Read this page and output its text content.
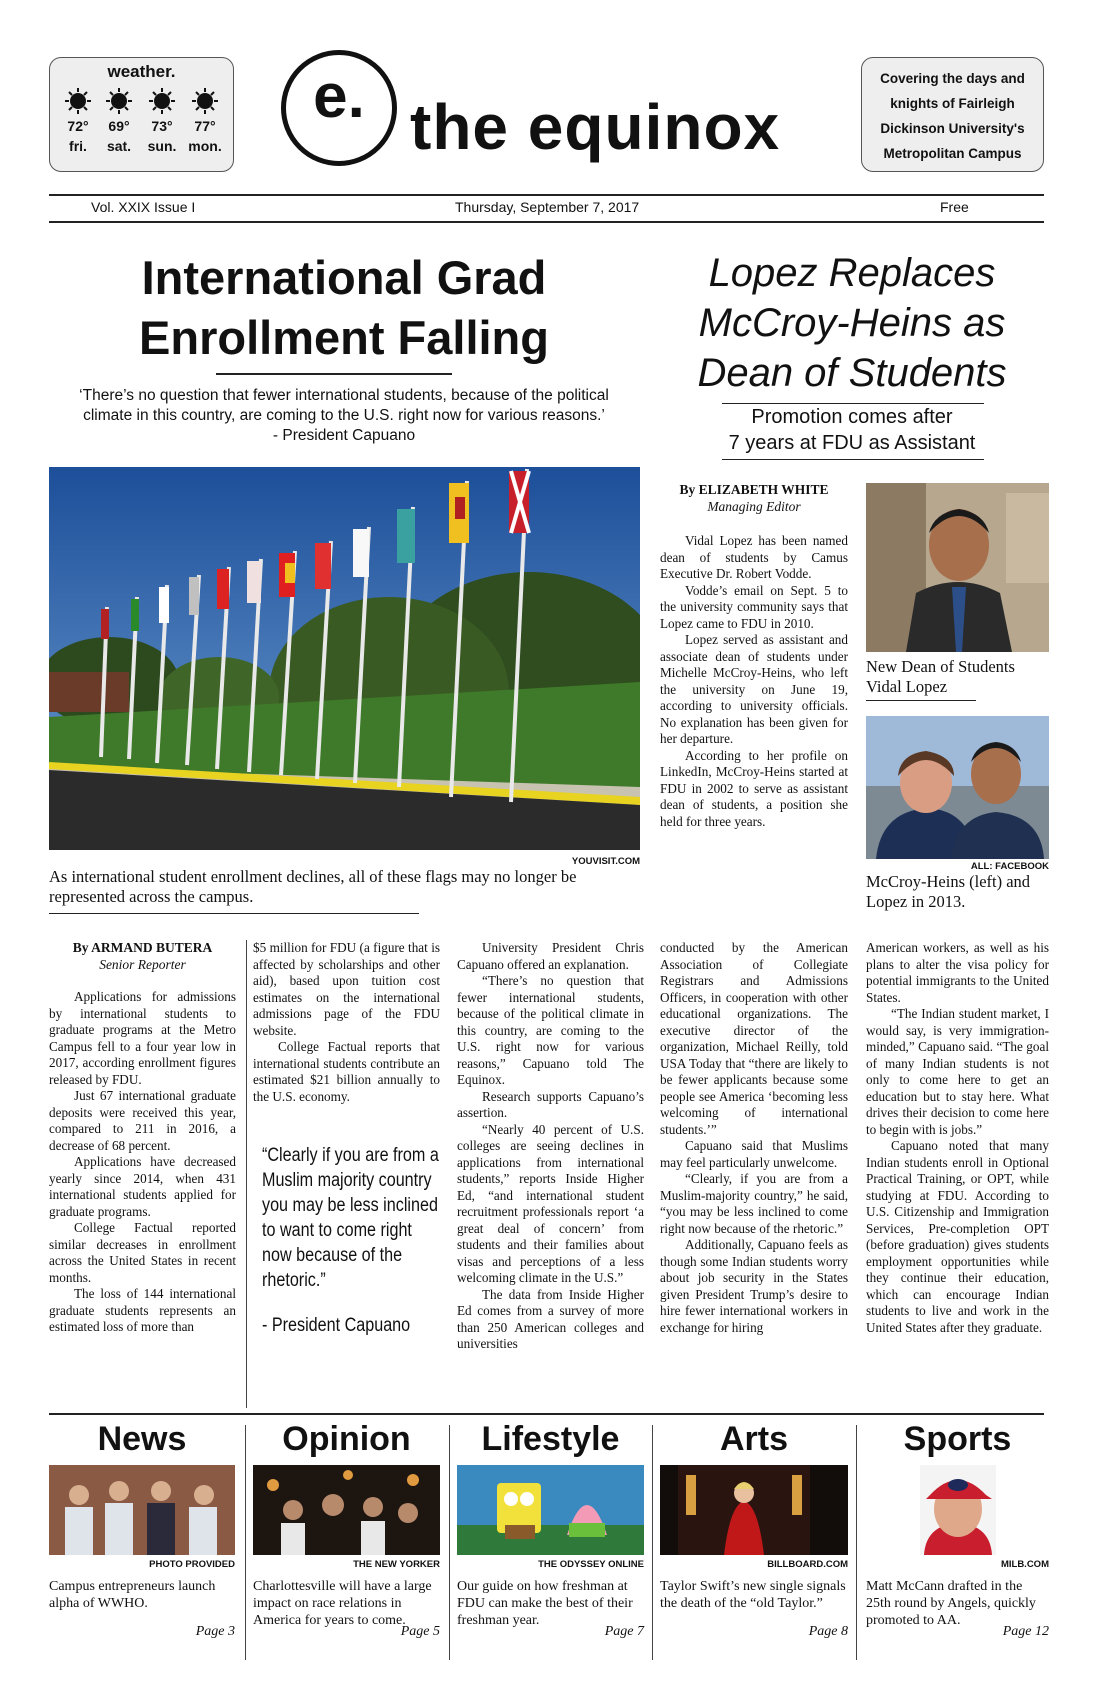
weather.
72°
fri.
69°
sat.
73°
sun.
77°
mon.
e. the equinox
Covering the days and
knights of Fairleigh
Dickinson University's
Metropolitan Campus
Vol. XXIX Issue I	Thursday, September 7, 2017	Free
International Grad
Enrollment Falling
‘There’s no question that fewer international students, because of the political
climate in this country, are coming to the U.S. right now for various reasons.’
- President Capuano
Lopez Replaces
McCroy-Heins as
Dean of Students
Promotion comes after
7 years at FDU as Assistant
YOUVISIT.COM
As international student enrollment declines, all of these flags may no longer be represented across the campus.
By ELIZABETH WHITE
Managing Editor

Vidal Lopez has been named dean of students by Camus Executive Dr. Robert Vodde.

Vodde’s email on Sept. 5 to the university community says that Lopez came to FDU in 2010.

Lopez served as assistant and associate dean of students under Michelle McCroy-Heins, who left the university on June 19, according to university officials. No explanation has been given for her departure.

According to her profile on LinkedIn, McCroy-Heins started at FDU in 2002 to serve as assistant dean of students, a position she held for three years.

New Dean of Students Vidal Lopez
ALL: FACEBOOK
McCroy-Heins (left) and Lopez in 2013.
By ARMAND BUTERA
Senior Reporter

Applications for admissions by international students to graduate programs at the Metro Campus fell to a four year low in 2017, according enrollment figures released by FDU.

Just 67 international graduate deposits were received this year, compared to 211 in 2016, a decrease of 68 percent.

Applications have decreased yearly since 2014, when 431 international students applied for graduate programs.

College Factual reported similar decreases in enrollment across the United States in recent months.

The loss of 144 international graduate students represents an estimated loss of more than

$5 million for FDU (a figure that is affected by scholarships and other aid), based upon tuition cost estimates on the international admissions page of the FDU website.

College Factual reports that international students contribute an estimated $21 billion annually to the U.S. economy.

“Clearly if you are from a Muslim majority country you may be less inclined to want to come right now because of the rhetoric.”
- President Capuano

University President Chris Capuano offered an explanation.

“There’s no question that fewer international students, because of the political climate in this country, are coming to the U.S. right now for various reasons,” Capuano told The Equinox.

Research supports Capuano’s assertion.

“Nearly 40 percent of U.S. colleges are seeing declines in applications from international students,” reports Inside Higher Ed, “and international student recruitment professionals report ‘a great deal of concern’ from students and their families about visas and perceptions of a less welcoming climate in the U.S.”

The data from Inside Higher Ed comes from a survey of more than 250 American colleges and universities

conducted by the American Association of Collegiate Registrars and Admissions Officers, in cooperation with other educational organizations. The executive director of the organization, Michael Reilly, told USA Today that “there are likely to be fewer applicants because some people see America ‘becoming less welcoming of international students.’”

Capuano said that Muslims may feel particularly unwelcome.

“Clearly, if you are from a Muslim-majority country,” he said, “you may be less inclined to come right now because of the rhetoric.”

Additionally, Capuano feels as though some Indian students worry about job security in the States given President Trump’s desire to hire fewer international workers in exchange for hiring

American workers, as well as his plans to alter the visa policy for potential immigrants to the United States.

“The Indian student market, I would say, is very immigration-minded,” Capuano said. “The goal of many Indian students is not only to come here to get an education but to stay here. What drives their decision to come here to begin with is jobs.”

Capuano noted that many Indian students enroll in Optional Practical Training, or OPT, while studying at FDU. According to U.S. Citizenship and Immigration Services, Pre-completion OPT (before graduation) gives students employment opportunities while they continue their education, which can encourage Indian students to live and work in the United States after they graduate.

News
PHOTO PROVIDED
Campus entrepreneurs launch alpha of WWHO.
Page 3
Opinion
THE NEW YORKER
Charlottesville will have a large impact on race relations in America for years to come.
Page 5
Lifestyle
THE ODYSSEY ONLINE
Our guide on how freshman at FDU can make the best of their freshman year.
Page 7
Arts
BILLBOARD.COM
Taylor Swift’s new single signals the death of the “old Taylor.”
Page 8
Sports
MILB.COM
Matt McCann drafted in the 25th round by Angels, quickly promoted to AA.
Page 12
